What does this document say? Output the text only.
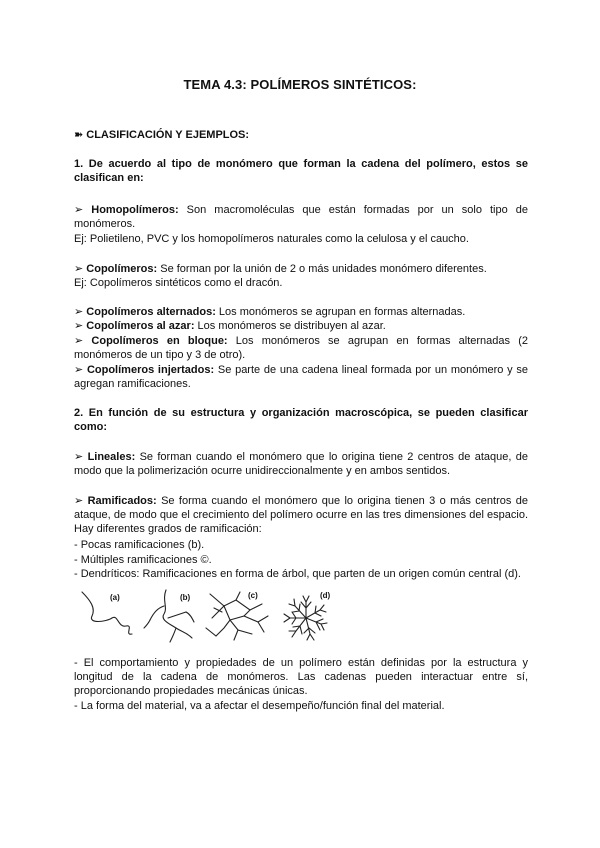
TEMA 4.3: POLÍMEROS SINTÉTICOS:
➽ CLASIFICACIÓN Y EJEMPLOS:
1. De acuerdo al tipo de monómero que forman la cadena del polímero, estos se clasifican en:
➢ Homopolímeros: Son macromoléculas que están formadas por un solo tipo de monómeros.
Ej: Polietileno, PVC y los homopolímeros naturales como la celulosa y el caucho.
➢ Copolímeros: Se forman por la unión de 2 o más unidades monómero diferentes.
Ej: Copolímeros sintéticos como el dracón.
➢ Copolímeros alternados: Los monómeros se agrupan en formas alternadas.
➢ Copolímeros al azar: Los monómeros se distribuyen al azar.
➢ Copolímeros en bloque: Los monómeros se agrupan en formas alternadas (2 monómeros de un tipo y 3 de otro).
➢ Copolímeros injertados: Se parte de una cadena lineal formada por un monómero y se agregan ramificaciones.
2. En función de su estructura y organización macroscópica, se pueden clasificar como:
➢ Lineales: Se forman cuando el monómero que lo origina tiene 2 centros de ataque, de modo que la polimerización ocurre unidireccionalmente y en ambos sentidos.
➢ Ramificados: Se forma cuando el monómero que lo origina tienen 3 o más centros de ataque, de modo que el crecimiento del polímero ocurre en las tres dimensiones del espacio. Hay diferentes grados de ramificación:
- Pocas ramificaciones (b).
- Múltiples ramificaciones ©.
- Dendríticos: Ramificaciones en forma de árbol, que parten de un origen común central (d).
(a)	(b)	(c)	(d)
- El comportamiento y propiedades de un polímero están definidas por la estructura y longitud de la cadena de monómeros. Las cadenas pueden interactuar entre sí, proporcionando propiedades mecánicas únicas.
- La forma del material, va a afectar el desempeño/función final del material.
